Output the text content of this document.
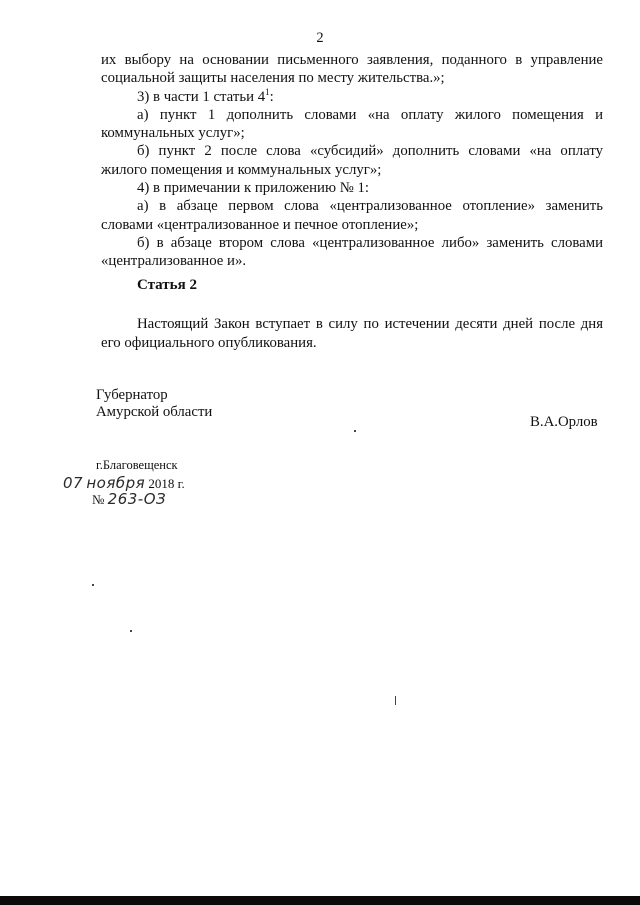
2

их выбору на основании письменного заявления, поданного в управление социальной защиты населения по месту жительства.»;

3) в части 1 статьи $4^1$:

а) пункт 1 дополнить словами «на оплату жилого помещения и коммунальных услуг»;

б) пункт 2 после слова «субсидий» дополнить словами «на оплату жилого помещения и коммунальных услуг»;

4) в примечании к приложению № 1:

а) в абзаце первом слова «централизованное отопление» заменить словами «централизованное и печное отопление»;

б) в абзаце втором слова «централизованное либо» заменить словами «централизованное и».

Статья 2

Настоящий Закон вступает в силу по истечении десяти дней после дня его официального опубликования.

Губернатор
Амурской области
В.А.Орлов
г.Благовещенск
07 ноября 2018 г.
№ 263-ОЗ
